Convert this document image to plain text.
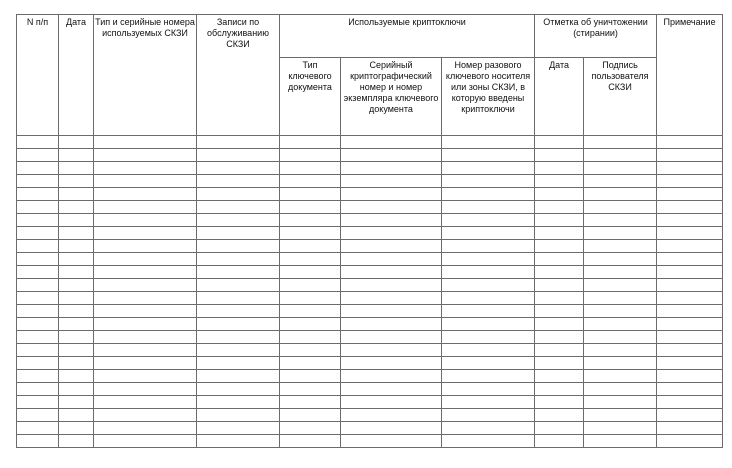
N п/п	Дата	Тип и серийные номера используемых СКЗИ	Записи по обслуживанию СКЗИ	Используемые криптоключи			Отметка об уничтожении (стирании)		Примечание
				Тип ключевого документа	Серийный криптографический номер и номер экземпляра ключевого документа	Номер разового ключевого носителя или зоны СКЗИ, в которую введены криптоключи	Дата	Подпись пользователя СКЗИ	
